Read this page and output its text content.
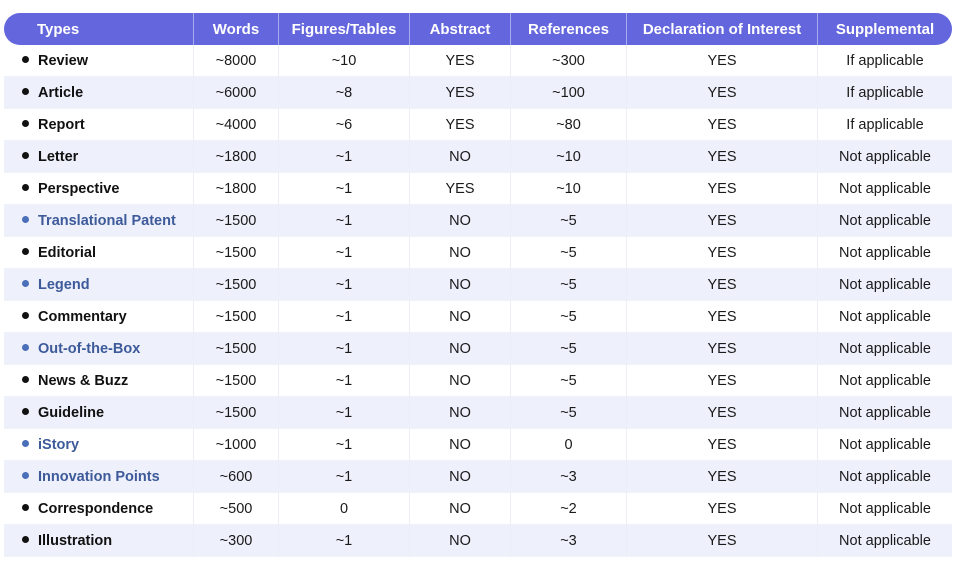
Types	Words	Figures/Tables	Abstract	References	Declaration of Interest	Supplemental
Review	~8000	~10	YES	~300	YES	If applicable
Article	~6000	~8	YES	~100	YES	If applicable
Report	~4000	~6	YES	~80	YES	If applicable
Letter	~1800	~1	NO	~10	YES	Not applicable
Perspective	~1800	~1	YES	~10	YES	Not applicable
Translational Patent	~1500	~1	NO	~5	YES	Not applicable
Editorial	~1500	~1	NO	~5	YES	Not applicable
Legend	~1500	~1	NO	~5	YES	Not applicable
Commentary	~1500	~1	NO	~5	YES	Not applicable
Out-of-the-Box	~1500	~1	NO	~5	YES	Not applicable
News & Buzz	~1500	~1	NO	~5	YES	Not applicable
Guideline	~1500	~1	NO	~5	YES	Not applicable
iStory	~1000	~1	NO	0	YES	Not applicable
Innovation Points	~600	~1	NO	~3	YES	Not applicable
Correspondence	~500	0	NO	~2	YES	Not applicable
Illustration	~300	~1	NO	~3	YES	Not applicable
